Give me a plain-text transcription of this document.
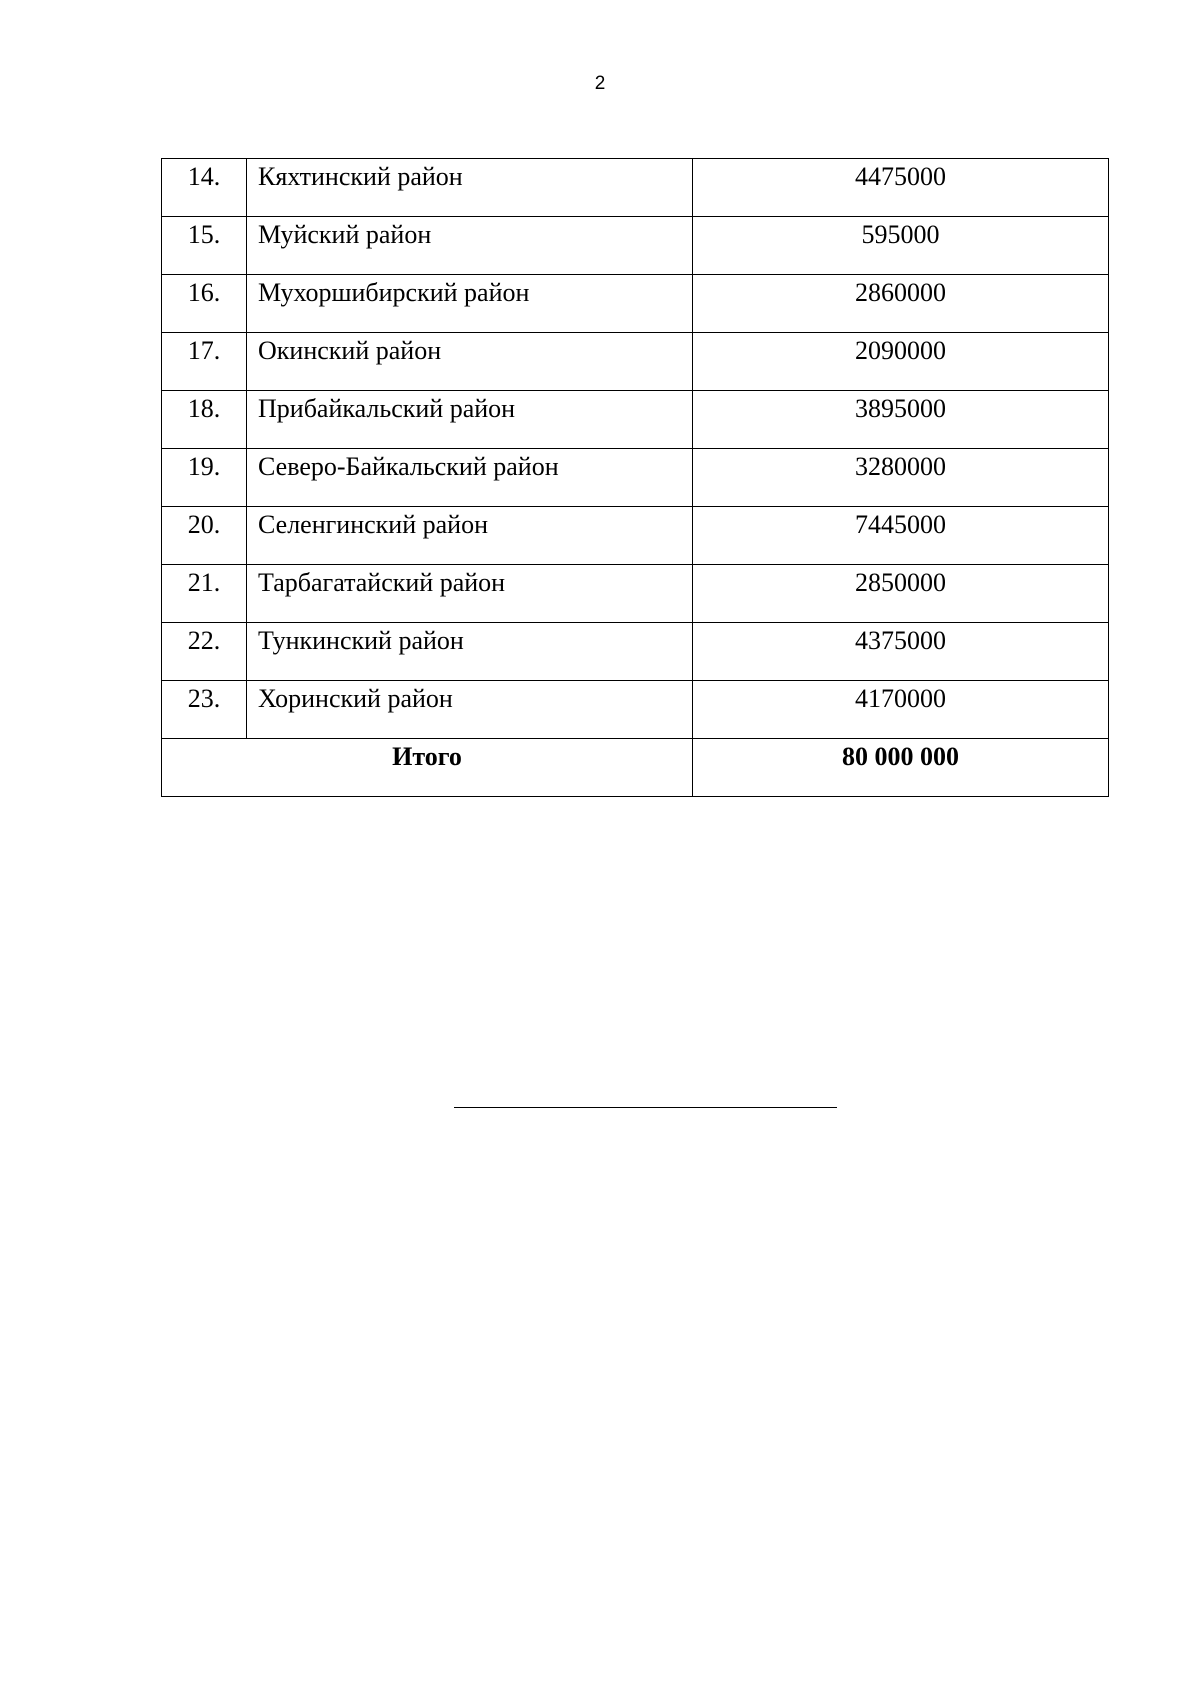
2
14.	Кяхтинский район	4475000

15.	Муйский район	595000

16.	Мухоршибирский район	2860000

17.	Окинский район	2090000

18.	Прибайкальский район	3895000

19.	Северо-Байкальский район	3280000

20.	Селенгинский район	7445000

21.	Тарбагатайский район	2850000

22.	Тункинский район	4375000

23.	Хоринский район	4170000

Итого		80 000 000
